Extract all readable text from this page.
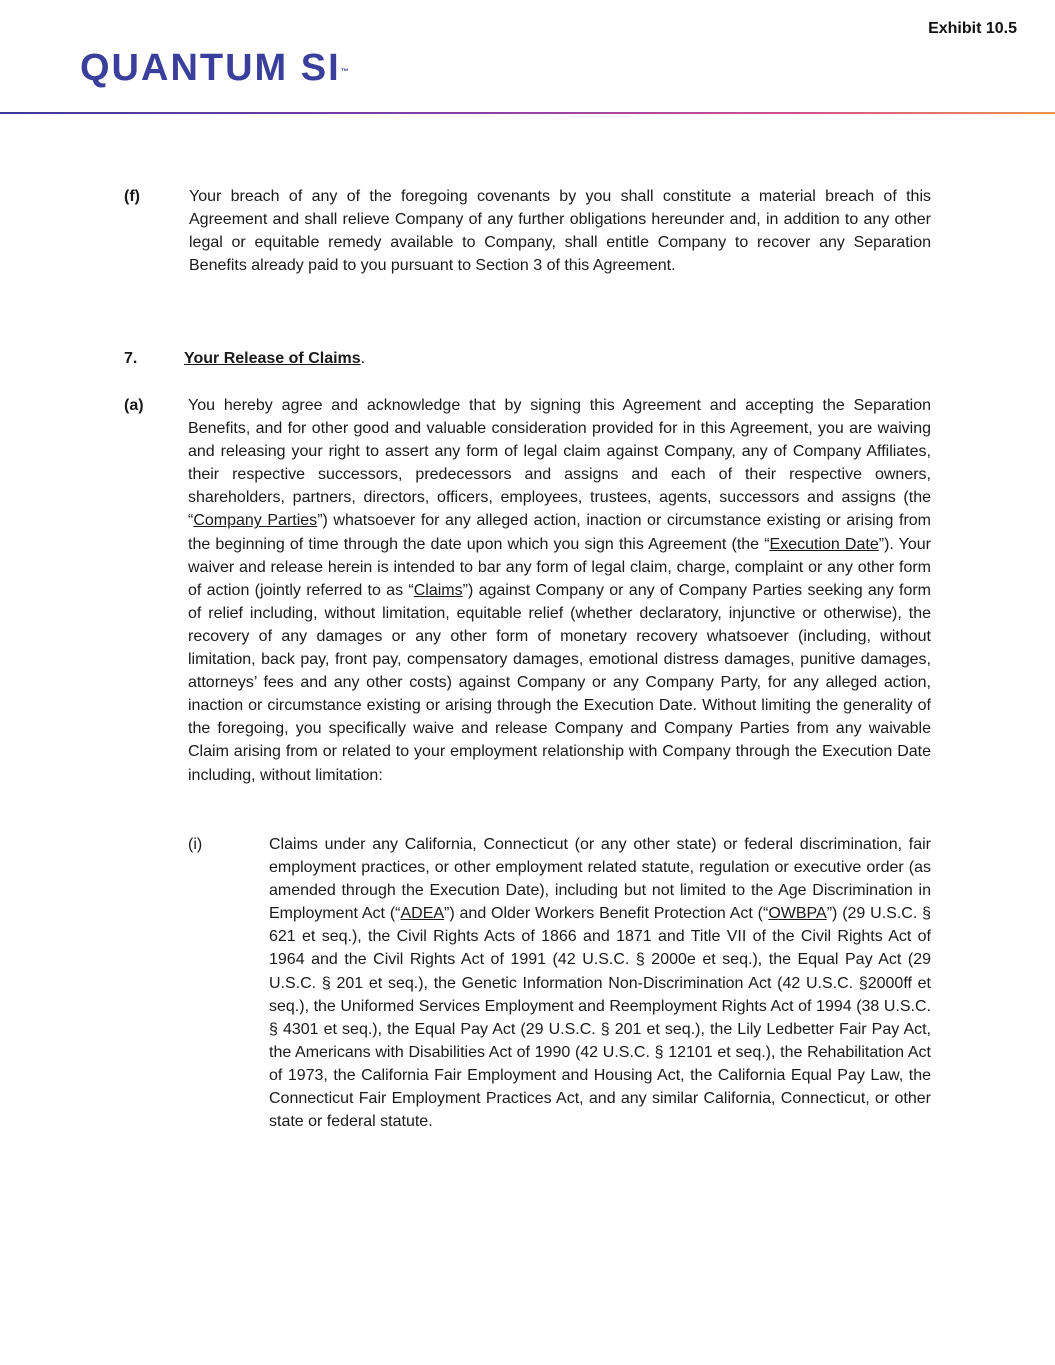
Exhibit 10.5
QUANTUM SI™
(f)	Your breach of any of the foregoing covenants by you shall constitute a material breach of this Agreement and shall relieve Company of any further obligations hereunder and, in addition to any other legal or equitable remedy available to Company, shall entitle Company to recover any Separation Benefits already paid to you pursuant to Section 3 of this Agreement.
7.	Your Release of Claims.
(a)	You hereby agree and acknowledge that by signing this Agreement and accepting the Separation Benefits, and for other good and valuable consideration provided for in this Agreement, you are waiving and releasing your right to assert any form of legal claim against Company, any of Company Affiliates, their respective successors, predecessors and assigns and each of their respective owners, shareholders, partners, directors, officers, employees, trustees, agents, successors and assigns (the “Company Parties”) whatsoever for any alleged action, inaction or circumstance existing or arising from the beginning of time through the date upon which you sign this Agreement (the “Execution Date”). Your waiver and release herein is intended to bar any form of legal claim, charge, complaint or any other form of action (jointly referred to as “Claims”) against Company or any of Company Parties seeking any form of relief including, without limitation, equitable relief (whether declaratory, injunctive or otherwise), the recovery of any damages or any other form of monetary recovery whatsoever (including, without limitation, back pay, front pay, compensatory damages, emotional distress damages, punitive damages, attorneys’ fees and any other costs) against Company or any Company Party, for any alleged action, inaction or circumstance existing or arising through the Execution Date. Without limiting the generality of the foregoing, you specifically waive and release Company and Company Parties from any waivable Claim arising from or related to your employment relationship with Company through the Execution Date including, without limitation:
(i)	Claims under any California, Connecticut (or any other state) or federal discrimination, fair employment practices, or other employment related statute, regulation or executive order (as amended through the Execution Date), including but not limited to the Age Discrimination in Employment Act (“ADEA”) and Older Workers Benefit Protection Act (“OWBPA”) (29 U.S.C. § 621 et seq.), the Civil Rights Acts of 1866 and 1871 and Title VII of the Civil Rights Act of 1964 and the Civil Rights Act of 1991 (42 U.S.C. § 2000e et seq.), the Equal Pay Act (29 U.S.C. § 201 et seq.), the Genetic Information Non-Discrimination Act (42 U.S.C. §2000ff et seq.), the Uniformed Services Employment and Reemployment Rights Act of 1994 (38 U.S.C. § 4301 et seq.), the Equal Pay Act (29 U.S.C. § 201 et seq.), the Lily Ledbetter Fair Pay Act, the Americans with Disabilities Act of 1990 (42 U.S.C. § 12101 et seq.), the Rehabilitation Act of 1973, the California Fair Employment and Housing Act, the California Equal Pay Law, the Connecticut Fair Employment Practices Act, and any similar California, Connecticut, or other state or federal statute.
